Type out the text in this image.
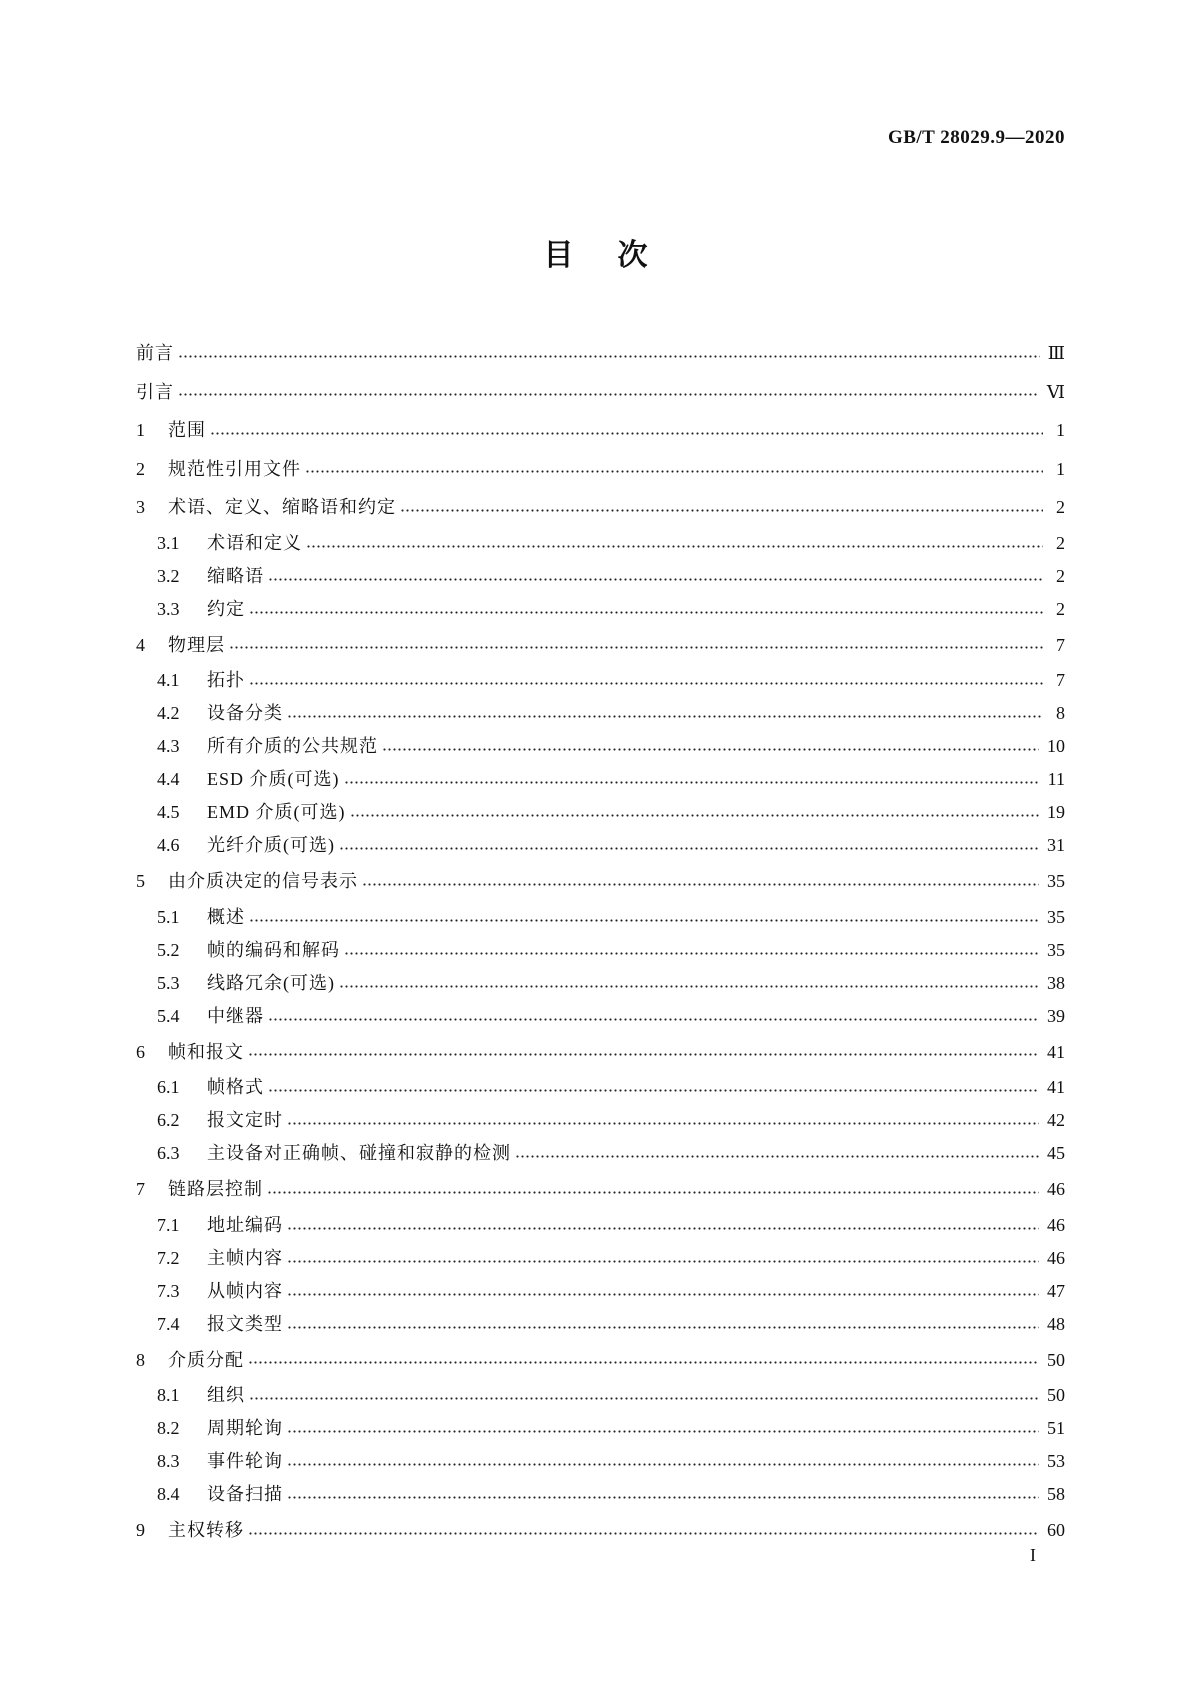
GB/T 28029.9—2020
目 次
前言	Ⅲ
引言	Ⅵ
1	范围	1
2	规范性引用文件	1
3	术语、定义、缩略语和约定	2
3.1	术语和定义	2
3.2	缩略语	2
3.3	约定	2
4	物理层	7
4.1	拓扑	7
4.2	设备分类	8
4.3	所有介质的公共规范	10
4.4	ESD 介质(可选)	11
4.5	EMD 介质(可选)	19
4.6	光纤介质(可选)	31
5	由介质决定的信号表示	35
5.1	概述	35
5.2	帧的编码和解码	35
5.3	线路冗余(可选)	38
5.4	中继器	39
6	帧和报文	41
6.1	帧格式	41
6.2	报文定时	42
6.3	主设备对正确帧、碰撞和寂静的检测	45
7	链路层控制	46
7.1	地址编码	46
7.2	主帧内容	46
7.3	从帧内容	47
7.4	报文类型	48
8	介质分配	50
8.1	组织	50
8.2	周期轮询	51
8.3	事件轮询	53
8.4	设备扫描	58
9	主权转移	60
I
